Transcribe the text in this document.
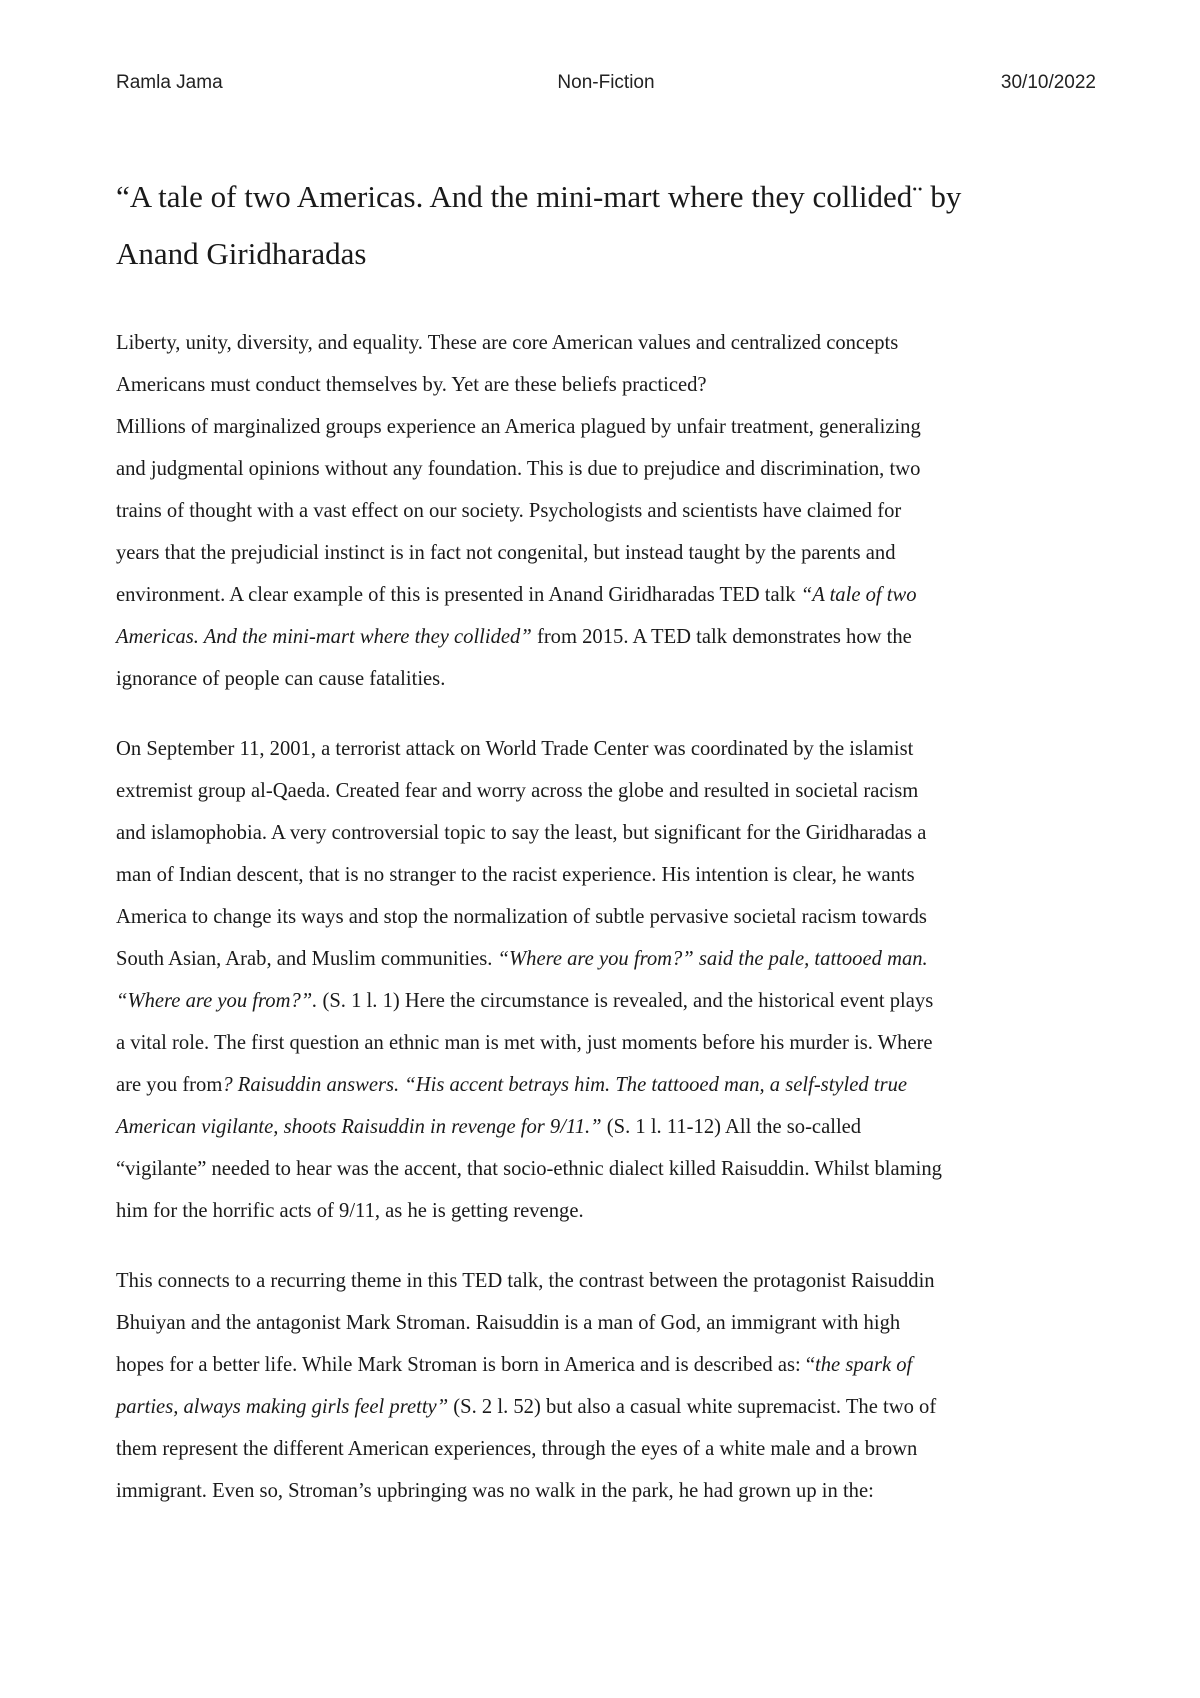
Ramla Jama	Non-Fiction	30/10/2022
“A tale of two Americas. And the mini-mart where they collided¨ by
Anand Giridharadas
Liberty, unity, diversity, and equality. These are core American values and centralized concepts
Americans must conduct themselves by. Yet are these beliefs practiced?
Millions of marginalized groups experience an America plagued by unfair treatment, generalizing
and judgmental opinions without any foundation. This is due to prejudice and discrimination, two
trains of thought with a vast effect on our society. Psychologists and scientists have claimed for
years that the prejudicial instinct is in fact not congenital, but instead taught by the parents and
environment. A clear example of this is presented in Anand Giridharadas TED talk “A tale of two
Americas. And the mini-mart where they collided” from 2015. A TED talk demonstrates how the
ignorance of people can cause fatalities.
On September 11, 2001, a terrorist attack on World Trade Center was coordinated by the islamist
extremist group al-Qaeda. Created fear and worry across the globe and resulted in societal racism
and islamophobia. A very controversial topic to say the least, but significant for the Giridharadas a
man of Indian descent, that is no stranger to the racist experience. His intention is clear, he wants
America to change its ways and stop the normalization of subtle pervasive societal racism towards
South Asian, Arab, and Muslim communities. “Where are you from?” said the pale, tattooed man.
“Where are you from?”. (S. 1 l. 1) Here the circumstance is revealed, and the historical event plays
a vital role. The first question an ethnic man is met with, just moments before his murder is. Where
are you from? Raisuddin answers. “His accent betrays him. The tattooed man, a self-styled true
American vigilante, shoots Raisuddin in revenge for 9/11.” (S. 1 l. 11-12) All the so-called
“vigilante” needed to hear was the accent, that socio-ethnic dialect killed Raisuddin. Whilst blaming
him for the horrific acts of 9/11, as he is getting revenge.
This connects to a recurring theme in this TED talk, the contrast between the protagonist Raisuddin
Bhuiyan and the antagonist Mark Stroman. Raisuddin is a man of God, an immigrant with high
hopes for a better life. While Mark Stroman is born in America and is described as: “the spark of
parties, always making girls feel pretty” (S. 2 l. 52) but also a casual white supremacist. The two of
them represent the different American experiences, through the eyes of a white male and a brown
immigrant. Even so, Stroman’s upbringing was no walk in the park, he had grown up in the:
